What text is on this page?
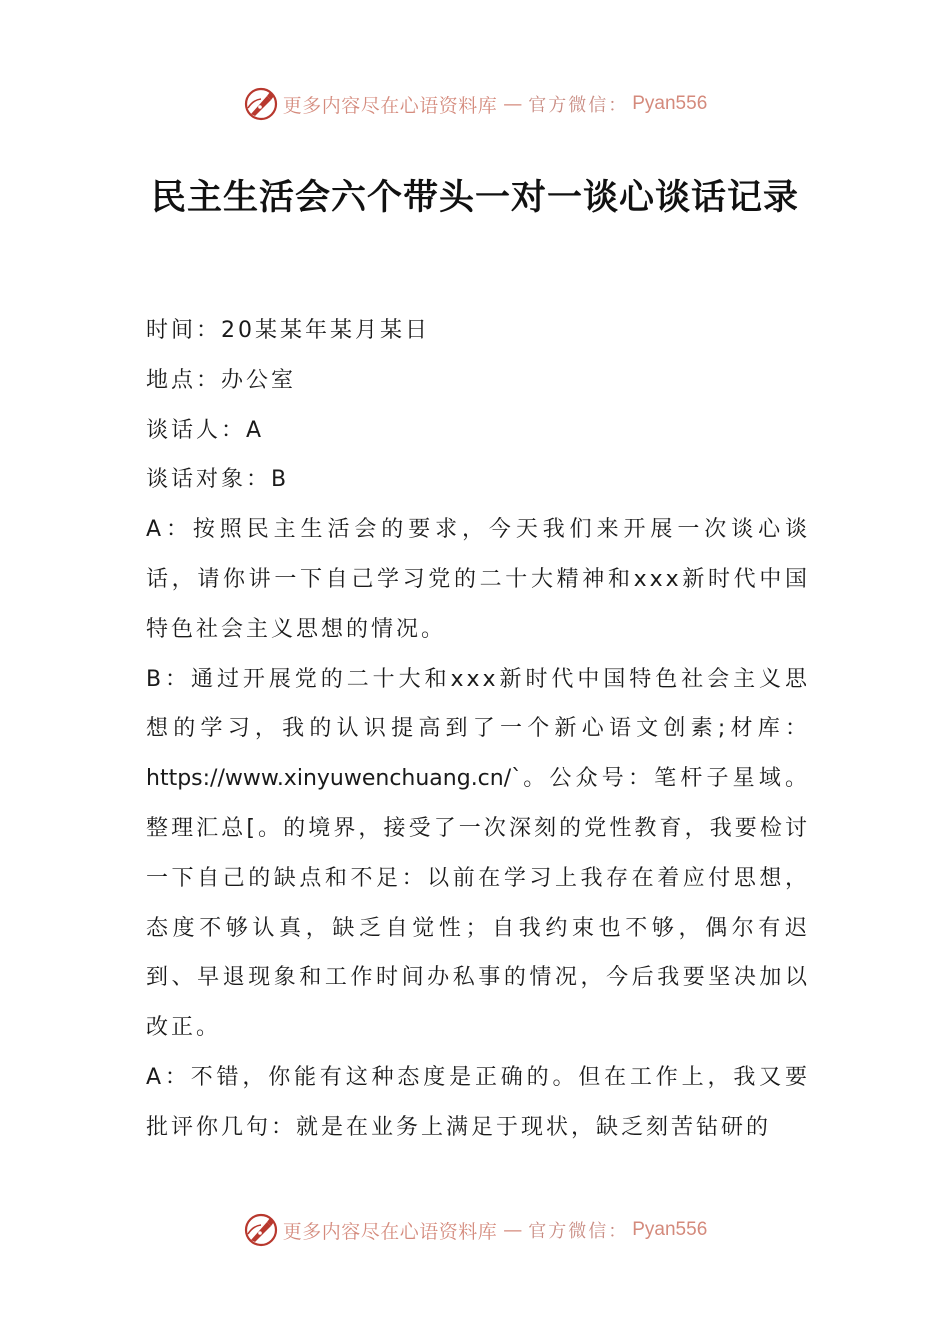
更多内容尽在心语资料库 — 官方微信： Pyan556
民主生活会六个带头一对一谈心谈话记录

时间：20某某年某月某日

地点：办公室

谈话人：A

谈话对象：B

A：按照民主生活会的要求，今天我们来开展一次谈心谈话，请你讲一下自己学习党的二十大精神和xxx新时代中国特色社会主义思想的情况。

B：通过开展党的二十大和xxx新时代中国特色社会主义思想的学习，我的认识提高到了一个新心语文创素;材库：https://www.xinyuwenchuang.cn/`。公众号：笔杆子星域。整理汇总[。的境界，接受了一次深刻的党性教育，我要检讨一下自己的缺点和不足：以前在学习上我存在着应付思想，态度不够认真，缺乏自觉性；自我约束也不够，偶尔有迟到、早退现象和工作时间办私事的情况，今后我要坚决加以改正。

A：不错，你能有这种态度是正确的。但在工作上，我又要批评你几句：就是在业务上满足于现状，缺乏刻苦钻研的

更多内容尽在心语资料库 — 官方微信： Pyan556
